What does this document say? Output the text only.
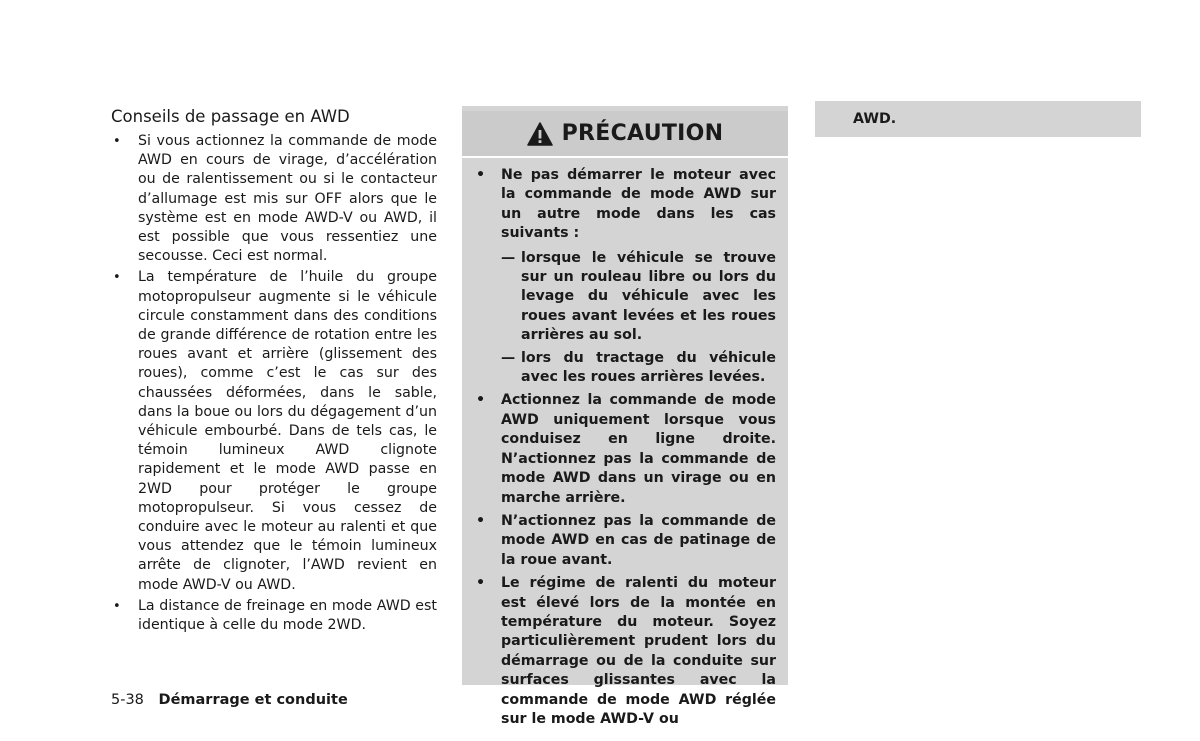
Conseils de passage en AWD
• Si vous actionnez la commande de mode AWD en cours de virage, d’accélération ou de ralentissement ou si le contacteur d’allumage est mis sur OFF alors que le système est en mode AWD-V ou AWD, il est possible que vous ressentiez une secousse. Ceci est normal.
• La température de l’huile du groupe motopropulseur augmente si le véhicule circule constamment dans des conditions de grande différence de rotation entre les roues avant et arrière (glissement des roues), comme c’est le cas sur des chaussées déformées, dans le sable, dans la boue ou lors du dégagement d’un véhicule embourbé. Dans de tels cas, le témoin lumineux AWD clignote rapidement et le mode AWD passe en 2WD pour protéger le groupe motopropulseur. Si vous cessez de conduire avec le moteur au ralenti et que vous attendez que le témoin lumineux arrête de clignoter, l’AWD revient en mode AWD-V ou AWD.
• La distance de freinage en mode AWD est identique à celle du mode 2WD.
PRÉCAUTION
• Ne pas démarrer le moteur avec la commande de mode AWD sur un autre mode dans les cas suivants :
— lorsque le véhicule se trouve sur un rouleau libre ou lors du levage du véhicule avec les roues avant levées et les roues arrières au sol.
— lors du tractage du véhicule avec les roues arrières levées.
• Actionnez la commande de mode AWD uniquement lorsque vous conduisez en ligne droite. N’actionnez pas la commande de mode AWD dans un virage ou en marche arrière.
• N’actionnez pas la commande de mode AWD en cas de patinage de la roue avant.
• Le régime de ralenti du moteur est élevé lors de la montée en température du moteur. Soyez particulièrement prudent lors du démarrage ou de la conduite sur surfaces glissantes avec la commande de mode AWD réglée sur le mode AWD-V ou
AWD.
5-38 Démarrage et conduite
